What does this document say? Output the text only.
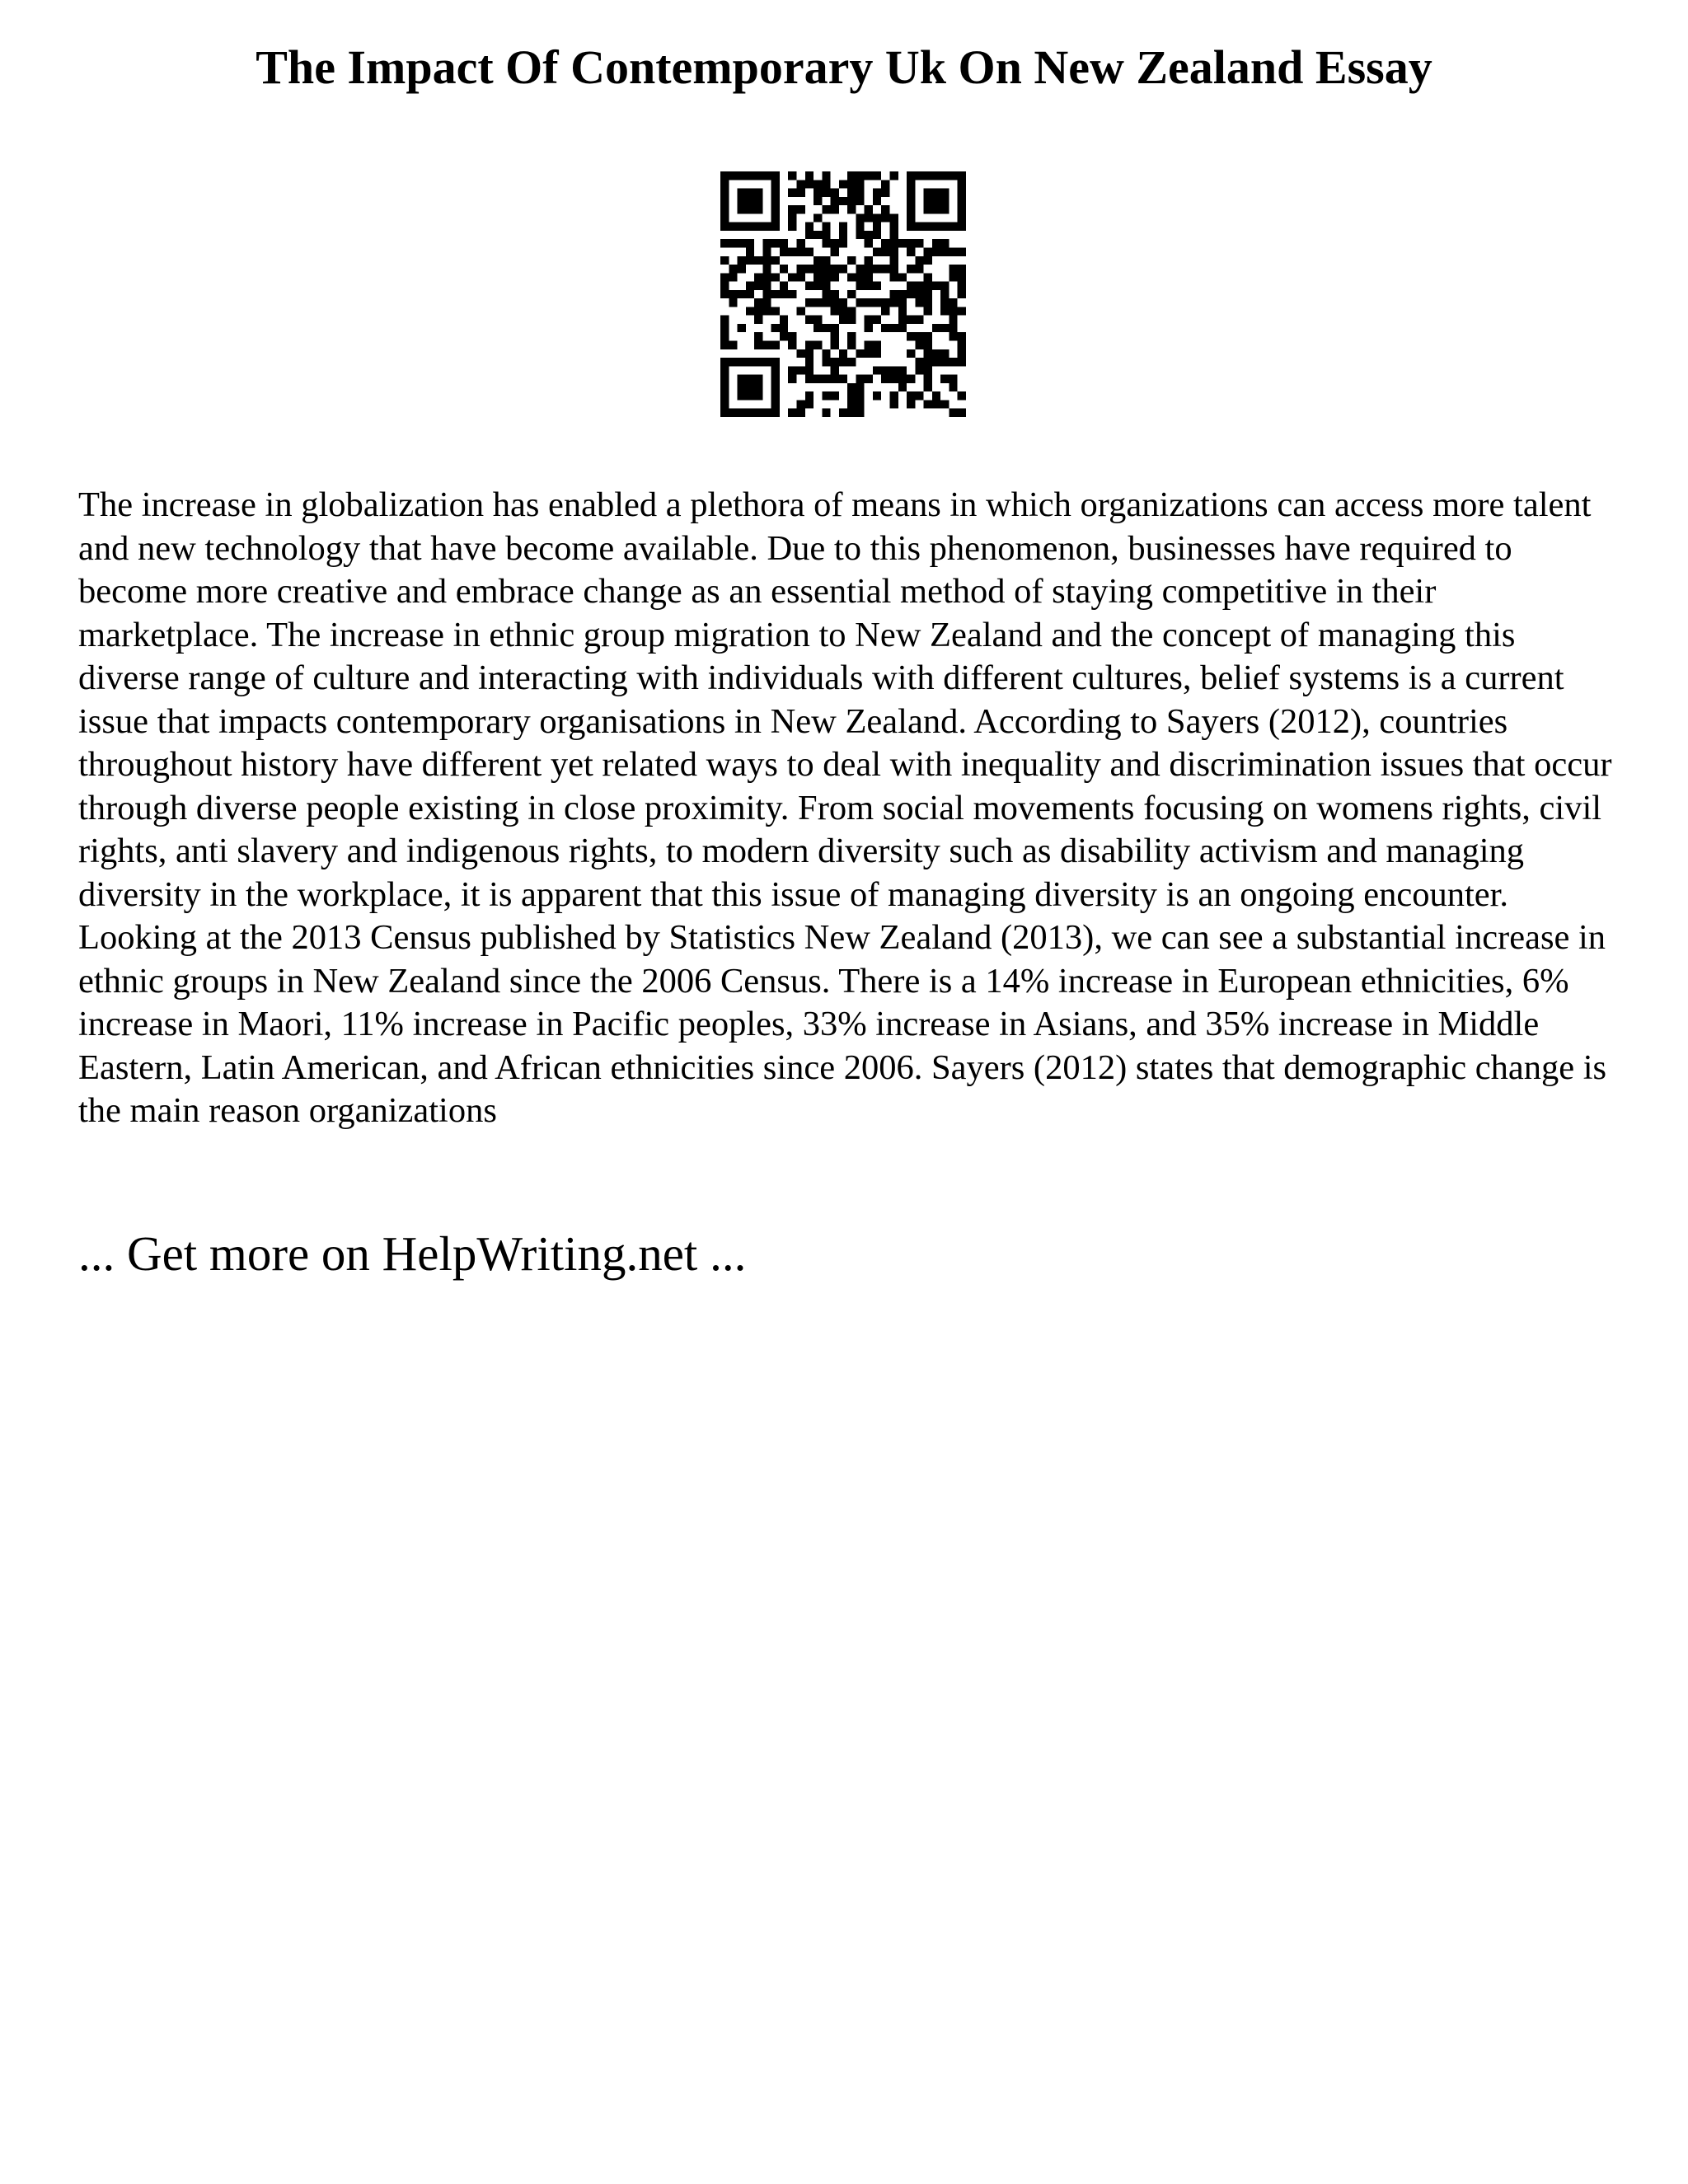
The Impact Of Contemporary Uk On New Zealand Essay

The increase in globalization has enabled a plethora of means in which organizations can access more talent and new technology that have become available. Due to this phenomenon, businesses have required to become more creative and embrace change as an essential method of staying competitive in their marketplace. The increase in ethnic group migration to New Zealand and the concept of managing this diverse range of culture and interacting with individuals with different cultures, belief systems is a current issue that impacts contemporary organisations in New Zealand. According to Sayers (2012), countries throughout history have different yet related ways to deal with inequality and discrimination issues that occur through diverse people existing in close proximity. From social movements focusing on womens rights, civil rights, anti slavery and indigenous rights, to modern diversity such as disability activism and managing diversity in the workplace, it is apparent that this issue of managing diversity is an ongoing encounter. Looking at the 2013 Census published by Statistics New Zealand (2013), we can see a substantial increase in ethnic groups in New Zealand since the 2006 Census. There is a 14% increase in European ethnicities, 6% increase in Maori, 11% increase in Pacific peoples, 33% increase in Asians, and 35% increase in Middle Eastern, Latin American, and African ethnicities since 2006. Sayers (2012) states that demographic change is the main reason organizations

... Get more on HelpWriting.net ...
